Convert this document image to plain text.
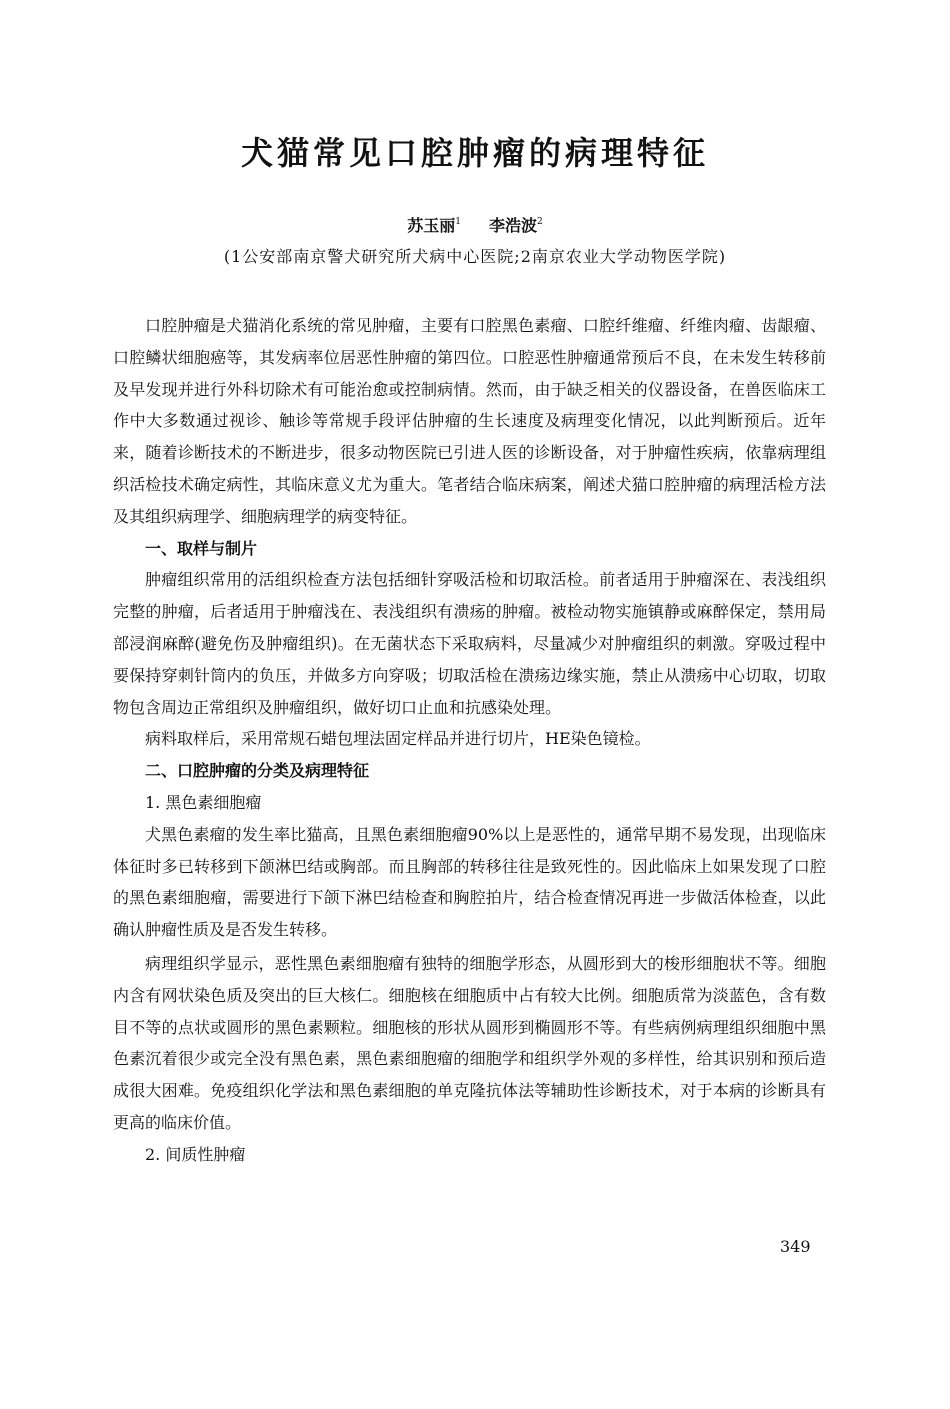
犬猫常见口腔肿瘤的病理特征
苏玉丽$^1$ 李浩波$^2$
(1公安部南京警犬研究所犬病中心医院;2南京农业大学动物医学院)

口腔肿瘤是犬猫消化系统的常见肿瘤，主要有口腔黑色素瘤、口腔纤维瘤、纤维肉瘤、齿龈瘤、口腔鳞状细胞癌等，其发病率位居恶性肿瘤的第四位。口腔恶性肿瘤通常预后不良，在未发生转移前及早发现并进行外科切除术有可能治愈或控制病情。然而，由于缺乏相关的仪器设备，在兽医临床工作中大多数通过视诊、触诊等常规手段评估肿瘤的生长速度及病理变化情况，以此判断预后。近年来，随着诊断技术的不断进步，很多动物医院已引进人医的诊断设备，对于肿瘤性疾病，依靠病理组织活检技术确定病性，其临床意义尤为重大。笔者结合临床病案，阐述犬猫口腔肿瘤的病理活检方法及其组织病理学、细胞病理学的病变特征。

一、取样与制片

肿瘤组织常用的活组织检查方法包括细针穿吸活检和切取活检。前者适用于肿瘤深在、表浅组织完整的肿瘤，后者适用于肿瘤浅在、表浅组织有溃疡的肿瘤。被检动物实施镇静或麻醉保定，禁用局部浸润麻醉(避免伤及肿瘤组织)。在无菌状态下采取病料，尽量减少对肿瘤组织的刺激。穿吸过程中要保持穿刺针筒内的负压，并做多方向穿吸；切取活检在溃疡边缘实施，禁止从溃疡中心切取，切取物包含周边正常组织及肿瘤组织，做好切口止血和抗感染处理。

病料取样后，采用常规石蜡包埋法固定样品并进行切片，HE染色镜检。

二、口腔肿瘤的分类及病理特征

1. 黑色素细胞瘤

犬黑色素瘤的发生率比猫高，且黑色素细胞瘤90%以上是恶性的，通常早期不易发现，出现临床体征时多已转移到下颌淋巴结或胸部。而且胸部的转移往往是致死性的。因此临床上如果发现了口腔的黑色素细胞瘤，需要进行下颌下淋巴结检查和胸腔拍片，结合检查情况再进一步做活体检查，以此确认肿瘤性质及是否发生转移。

病理组织学显示，恶性黑色素细胞瘤有独特的细胞学形态，从圆形到大的梭形细胞状不等。细胞内含有网状染色质及突出的巨大核仁。细胞核在细胞质中占有较大比例。细胞质常为淡蓝色，含有数目不等的点状或圆形的黑色素颗粒。细胞核的形状从圆形到椭圆形不等。有些病例病理组织细胞中黑色素沉着很少或完全没有黑色素，黑色素细胞瘤的细胞学和组织学外观的多样性，给其识别和预后造成很大困难。免疫组织化学法和黑色素细胞的单克隆抗体法等辅助性诊断技术，对于本病的诊断具有更高的临床价值。

2. 间质性肿瘤

349
